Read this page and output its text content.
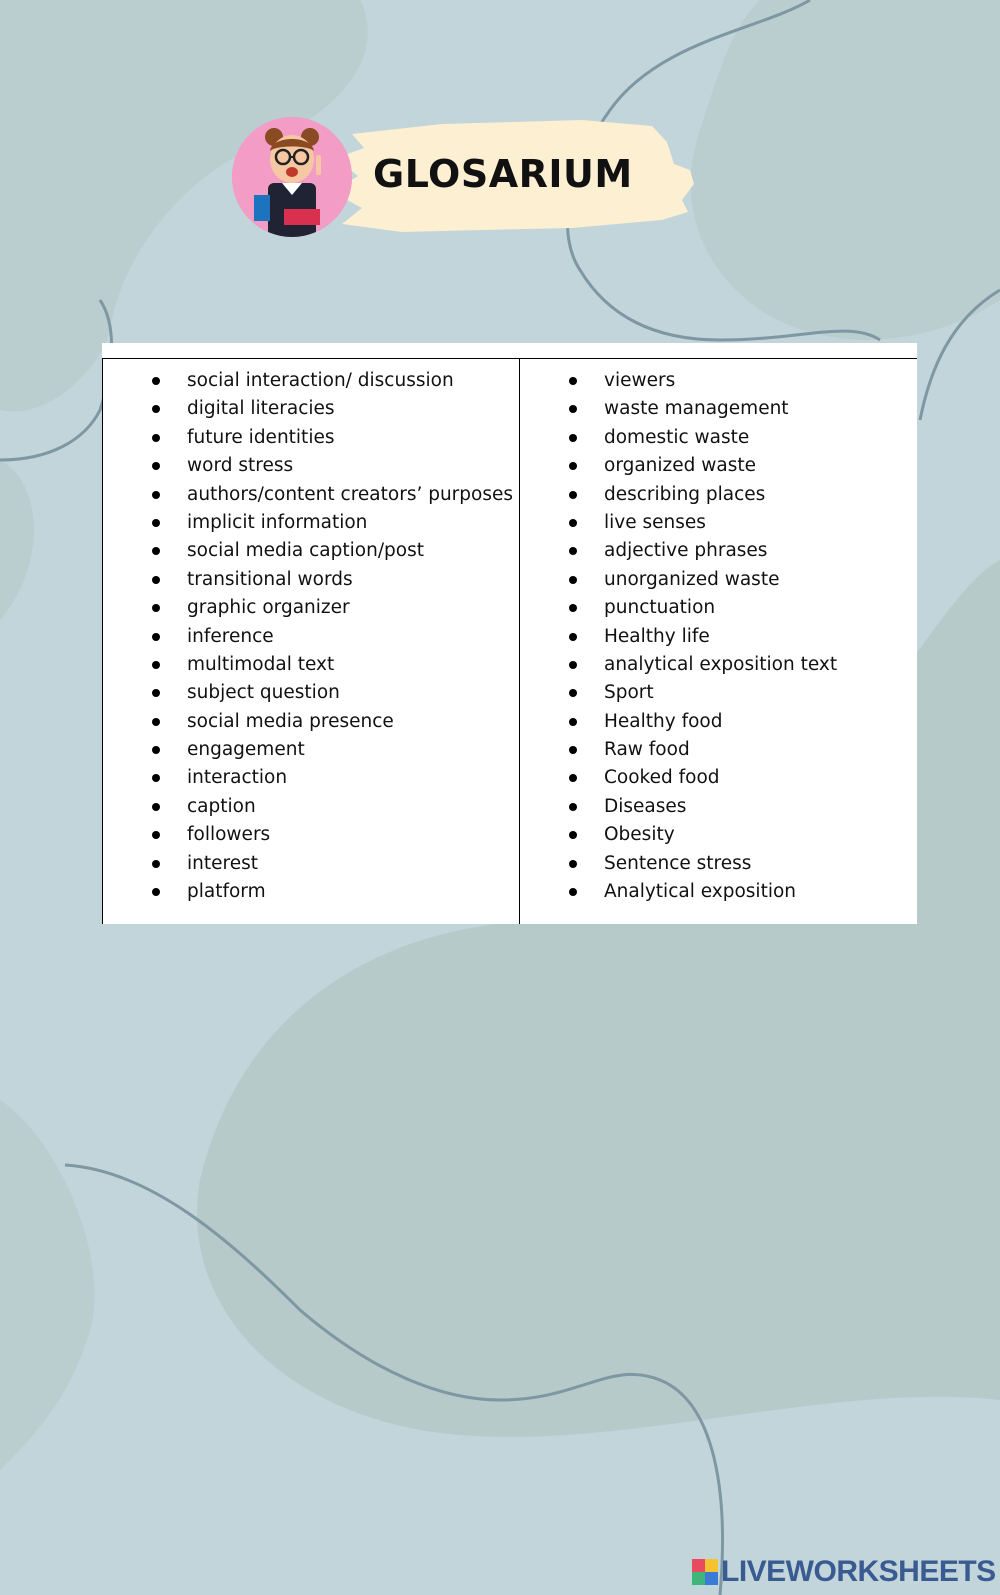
GLOSARIUM
social interaction/ discussion
digital literacies
future identities
word stress
authors/content creators’ purposes
implicit information
social media caption/post
transitional words
graphic organizer
inference
multimodal text
subject question
social media presence
engagement
interaction
caption
followers
interest
platform
viewers
waste management
domestic waste
organized waste
describing places
live senses
adjective phrases
unorganized waste
punctuation
Healthy life
analytical exposition text
Sport
Healthy food
Raw food
Cooked food
Diseases
Obesity
Sentence stress
Analytical exposition
LIVEWORKSHEETS
